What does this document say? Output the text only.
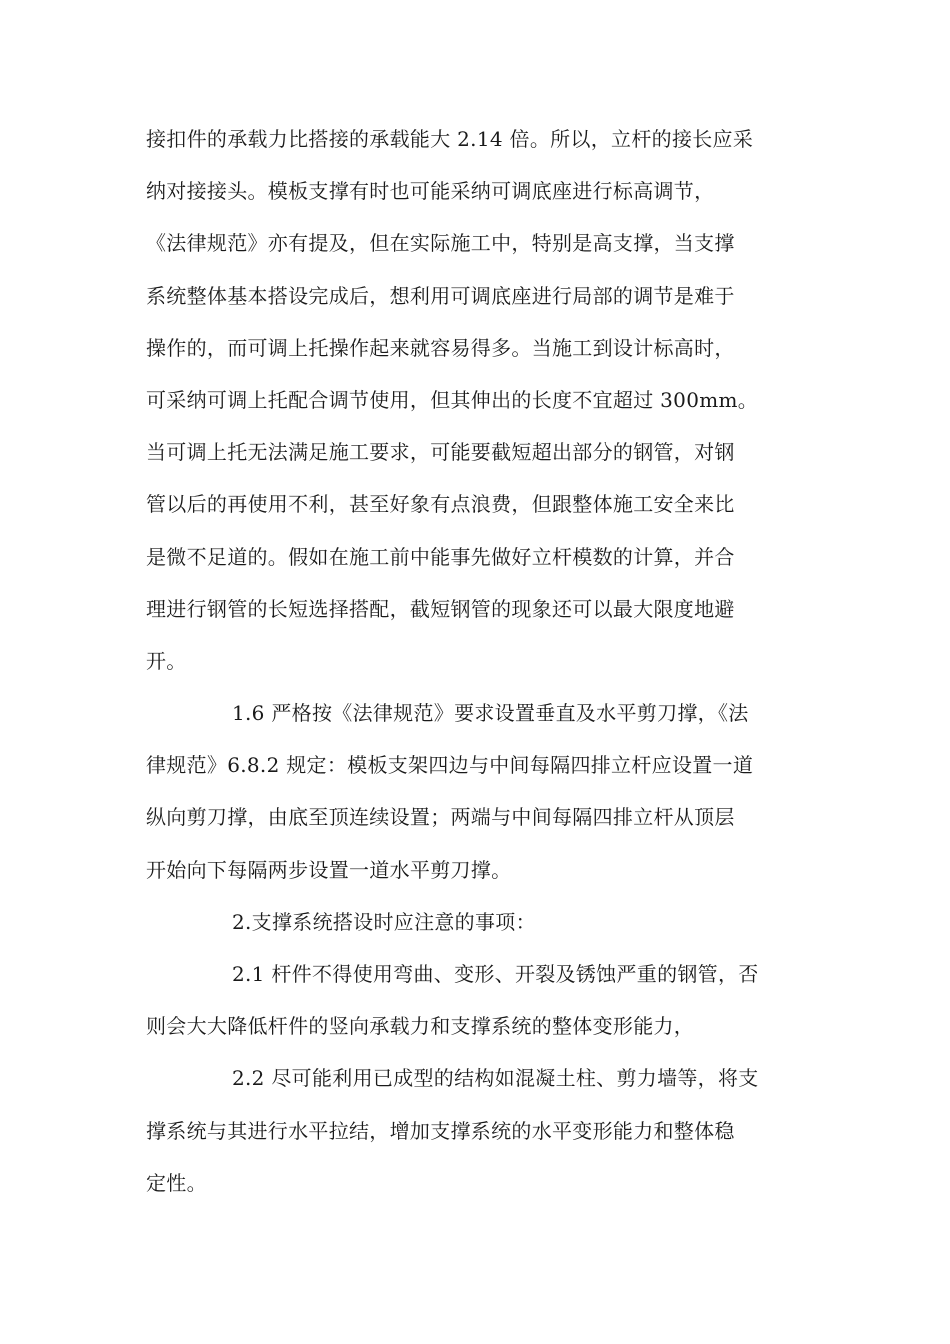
接扣件的承载力比搭接的承载能大 2.14 倍。所以，立杆的接长应采
纳对接接头。模板支撑有时也可能采纳可调底座进行标高调节，
《法律规范》亦有提及，但在实际施工中，特别是高支撑，当支撑
系统整体基本搭设完成后，想利用可调底座进行局部的调节是难于
操作的，而可调上托操作起来就容易得多。当施工到设计标高时，
可采纳可调上托配合调节使用，但其伸出的长度不宜超过 300mm。
当可调上托无法满足施工要求，可能要截短超出部分的钢管，对钢
管以后的再使用不利，甚至好象有点浪费，但跟整体施工安全来比
是微不足道的。假如在施工前中能事先做好立杆模数的计算，并合
理进行钢管的长短选择搭配，截短钢管的现象还可以最大限度地避
开。
1.6 严格按《法律规范》要求设置垂直及水平剪刀撑，《法
律规范》6.8.2 规定：模板支架四边与中间每隔四排立杆应设置一道
纵向剪刀撑，由底至顶连续设置；两端与中间每隔四排立杆从顶层
开始向下每隔两步设置一道水平剪刀撑。
2.支撑系统搭设时应注意的事项：
2.1 杆件不得使用弯曲、变形、开裂及锈蚀严重的钢管，否
则会大大降低杆件的竖向承载力和支撑系统的整体变形能力，
2.2 尽可能利用已成型的结构如混凝土柱、剪力墙等，将支
撑系统与其进行水平拉结，增加支撑系统的水平变形能力和整体稳
定性。
